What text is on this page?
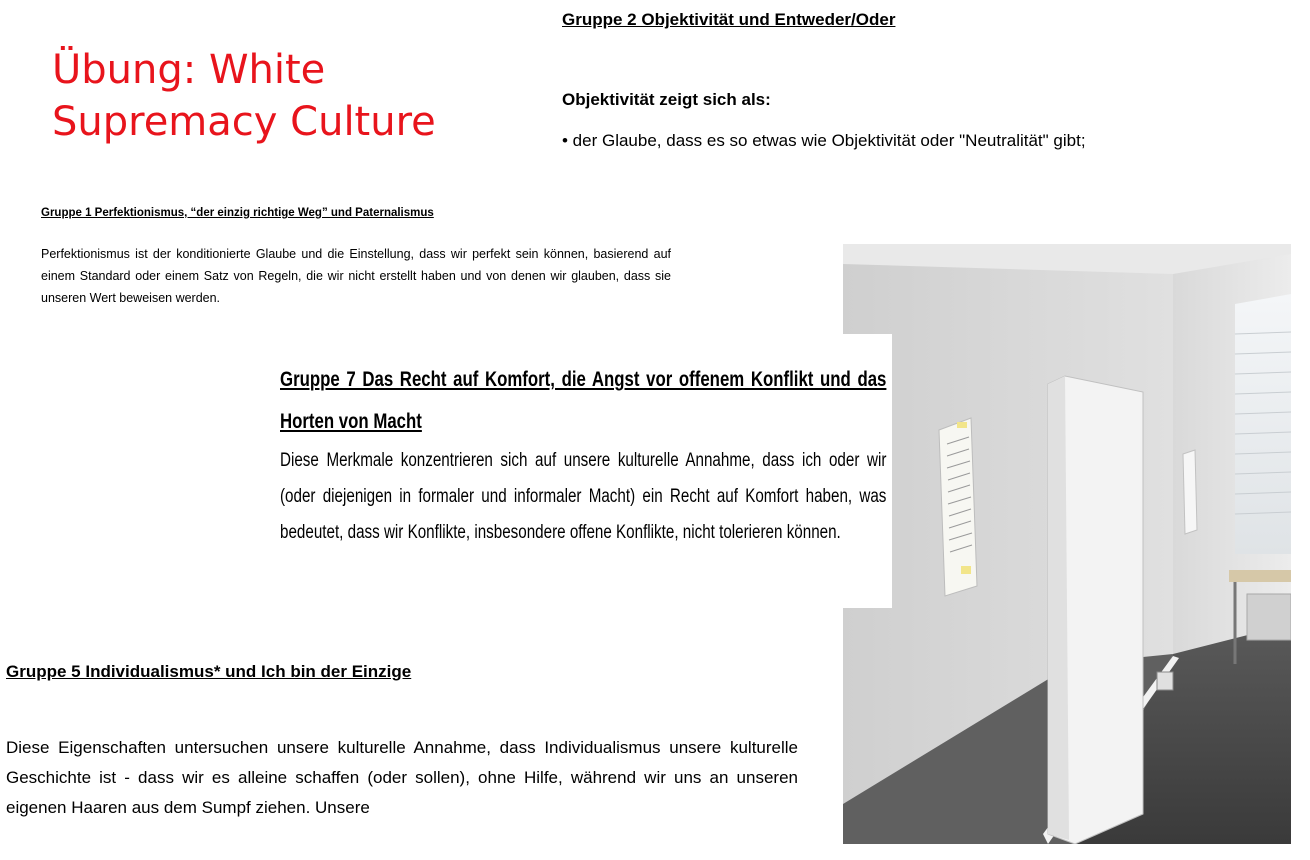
Übung: White
Supremacy Culture
Gruppe 2 Objektivität und Entweder/Oder
Objektivität zeigt sich als:
• der Glaube, dass es so etwas wie Objektivität oder "Neutralität" gibt;
Gruppe 1 Perfektionismus, “der einzig richtige Weg” und Paternalismus
Perfektionismus ist der konditionierte Glaube und die Einstellung, dass wir perfekt sein können, basierend auf einem Standard oder einem Satz von Regeln, die wir nicht erstellt haben und von denen wir glauben, dass sie unseren Wert beweisen werden.
Gruppe 7 Das Recht auf Komfort, die Angst vor offenem Konflikt und das Horten von Macht
Diese Merkmale konzentrieren sich auf unsere kulturelle Annahme, dass ich oder wir (oder diejenigen in formaler und informaler Macht) ein Recht auf Komfort haben, was bedeutet, dass wir Konflikte, insbesondere offene Konflikte, nicht tolerieren können.
Gruppe 5 Individualismus* und Ich bin der Einzige
Diese Eigenschaften untersuchen unsere kulturelle Annahme, dass Individualismus unsere kulturelle Geschichte ist - dass wir es alleine schaffen (oder sollen), ohne Hilfe, während wir uns an unseren eigenen Haaren aus dem Sumpf ziehen. Unsere
